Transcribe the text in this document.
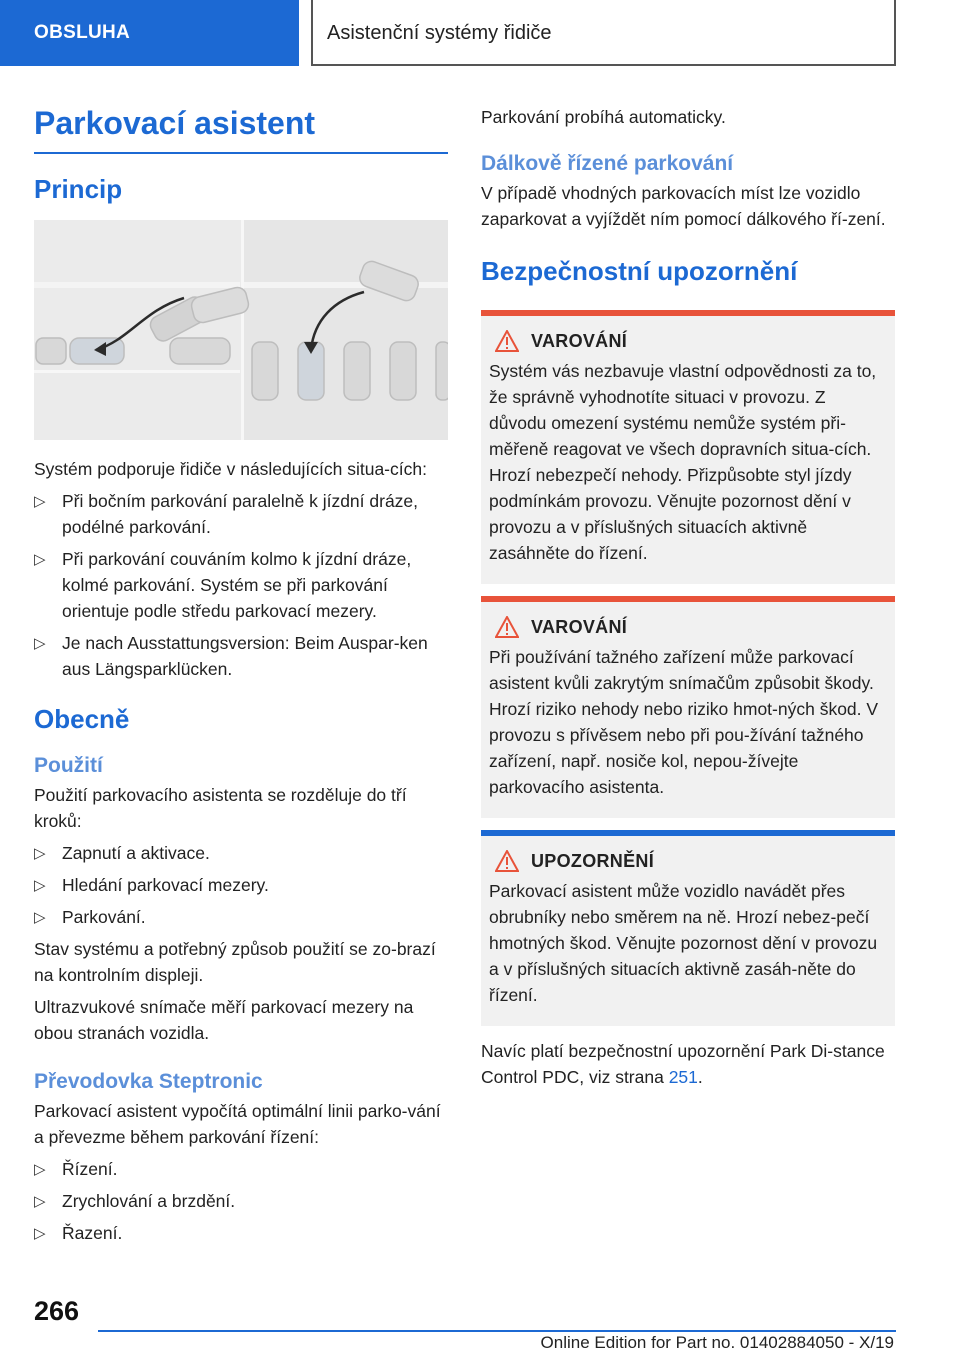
OBSLUHA	Asistenční systémy řidiče
Parkovací asistent
Princip
Systém podporuje řidiče v následujících situa-cích:
▷ Při bočním parkování paralelně k jízdní dráze, podélné parkování.
▷ Při parkování couváním kolmo k jízdní dráze, kolmé parkování. Systém se při parkování orientuje podle středu parkovací mezery.
▷ Je nach Ausstattungsversion: Beim Auspar-ken aus Längsparklücken.
Obecně
Použití
Použití parkovacího asistenta se rozděluje do tří kroků:
▷ Zapnutí a aktivace.
▷ Hledání parkovací mezery.
▷ Parkování.
Stav systému a potřebný způsob použití se zo-brazí na kontrolním displeji.
Ultrazvukové snímače měří parkovací mezery na obou stranách vozidla.
Převodovka Steptronic
Parkovací asistent vypočítá optimální linii parko-vání a převezme během parkování řízení:
▷ Řízení.
▷ Zrychlování a brzdění.
▷ Řazení.
Parkování probíhá automaticky.
Dálkově řízené parkování
V případě vhodných parkovacích míst lze vozidlo zaparkovat a vyjíždět ním pomocí dálkového ří-zení.
Bezpečnostní upozornění
VAROVÁNÍ
Systém vás nezbavuje vlastní odpovědnosti za to, že správně vyhodnotíte situaci v provozu. Z důvodu omezení systému nemůže systém při-měřeně reagovat ve všech dopravních situa-cích. Hrozí nebezpečí nehody. Přizpůsobte styl jízdy podmínkám provozu. Věnujte pozornost dění v provozu a v příslušných situacích aktivně zasáhněte do řízení.
VAROVÁNÍ
Při používání tažného zařízení může parkovací asistent kvůli zakrytým snímačům způsobit škody. Hrozí riziko nehody nebo riziko hmot-ných škod. V provozu s přívěsem nebo při pou-žívání tažného zařízení, např. nosiče kol, nepou-žívejte parkovacího asistenta.
UPOZORNĚNÍ
Parkovací asistent může vozidlo navádět přes obrubníky nebo směrem na ně. Hrozí nebez-pečí hmotných škod. Věnujte pozornost dění v provozu a v příslušných situacích aktivně zasáh-něte do řízení.
Navíc platí bezpečnostní upozornění Park Di-stance Control PDC, viz strana 251.
266
Online Edition for Part no. 01402884050 - X/19
